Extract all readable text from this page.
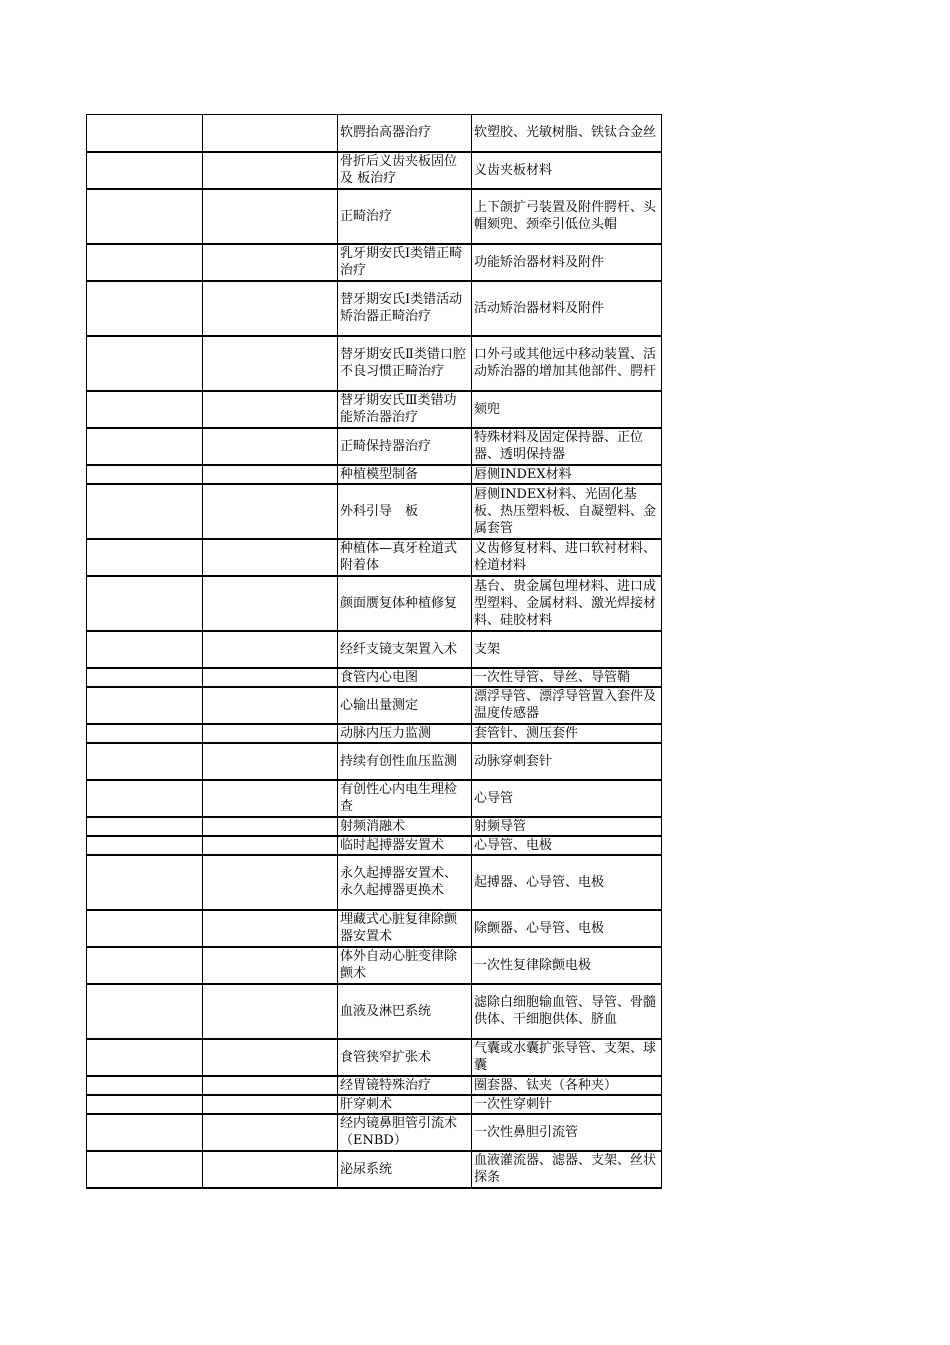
		软腭抬高器治疗	软塑胶、光敏树脂、铁钛合金丝

		骨折后义齿夹板固位及 板治疗	义齿夹板材料

		正畸治疗	上下颌扩弓装置及附件腭杆、头帽颏兜、颈牵引低位头帽

		乳牙期安氏Ⅰ类错正畸治疗	功能矫治器材料及附件

		替牙期安氏Ⅰ类错活动矫治器正畸治疗	活动矫治器材料及附件

		替牙期安氏Ⅱ类错口腔不良习惯正畸治疗	口外弓或其他远中移动装置、活动矫治器的增加其他部件、腭杆

		替牙期安氏Ⅲ类错功能矫治器治疗	颏兜

		正畸保持器治疗	特殊材料及固定保持器、正位器、透明保持器

		种植模型制备	唇侧INDEX材料

		外科引导　板	唇侧INDEX材料、光固化基板、热压塑料板、自凝塑料、金属套管

		种植体—真牙栓道式附着体	义齿修复材料、进口软衬材料、栓道材料

		颜面赝复体种植修复	基台、贵金属包埋材料、进口成型塑料、金属材料、激光焊接材料、硅胶材料

		经纤支镜支架置入术	支架

		食管内心电图	一次性导管、导丝、导管鞘

		心输出量测定	漂浮导管、漂浮导管置入套件及温度传感器

		动脉内压力监测	套管针、测压套件

		持续有创性血压监测	动脉穿刺套针

		有创性心内电生理检查	心导管

		射频消融术	射频导管

		临时起搏器安置术	心导管、电极

		永久起搏器安置术、永久起搏器更换术	起搏器、心导管、电极

		埋藏式心脏复律除颤器安置术	除颤器、心导管、电极

		体外自动心脏变律除颤术	一次性复律除颤电极

		血液及淋巴系统	滤除白细胞输血管、导管、骨髓供体、干细胞供体、脐血

		食管狭窄扩张术	气囊或水囊扩张导管、支架、球囊

		经胃镜特殊治疗	圈套器、钛夹（各种夹）

		肝穿刺术	一次性穿刺针

		经内镜鼻胆管引流术（ENBD）	一次性鼻胆引流管

		泌尿系统	血液灌流器、滤器、支架、丝状探条
